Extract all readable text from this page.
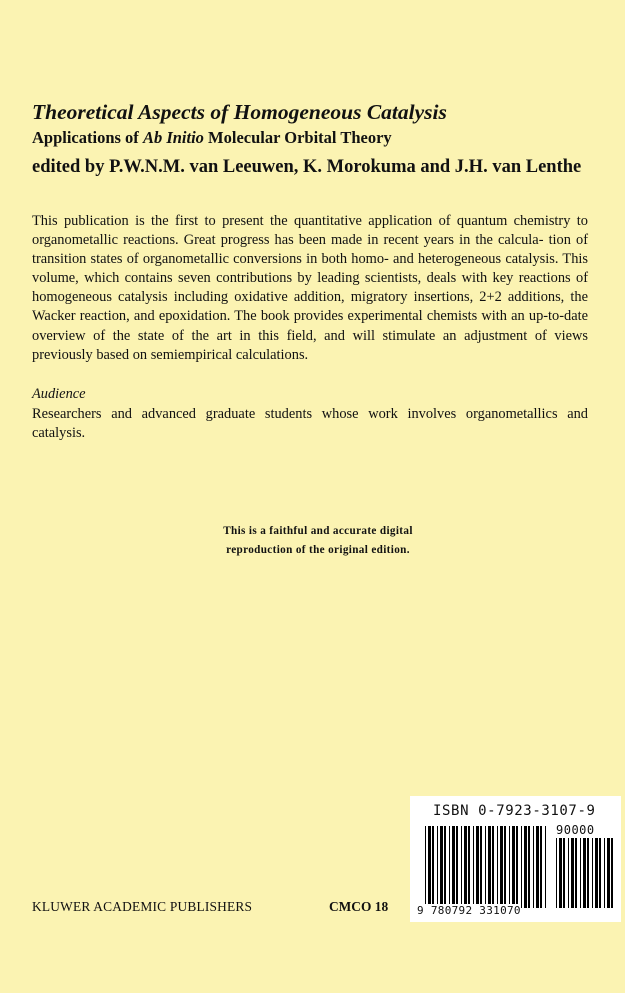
Theoretical Aspects of Homogeneous Catalysis
Applications of Ab Initio Molecular Orbital Theory
edited by P.W.N.M. van Leeuwen, K. Morokuma and J.H. van Lenthe

This publication is the first to present the quantitative application of quantum chemistry to organometallic reactions. Great progress has been made in recent years in the calcula- tion of transition states of organometallic conversions in both homo- and heterogeneous catalysis. This volume, which contains seven contributions by leading scientists, deals with key reactions of homogeneous catalysis including oxidative addition, migratory insertions, 2+2 additions, the Wacker reaction, and epoxidation. The book provides experimental chemists with an up-to-date overview of the state of the art in this field, and will stimulate an adjustment of views previously based on semiempirical calculations.

Audience

Researchers and advanced graduate students whose work involves organometallics and catalysis.

This is a faithful and accurate digital
reproduction of the original edition.
ISBN 0-7923-3107-9
90000
9 780792 331070
KLUWER ACADEMIC PUBLISHERS	CMCO 18
